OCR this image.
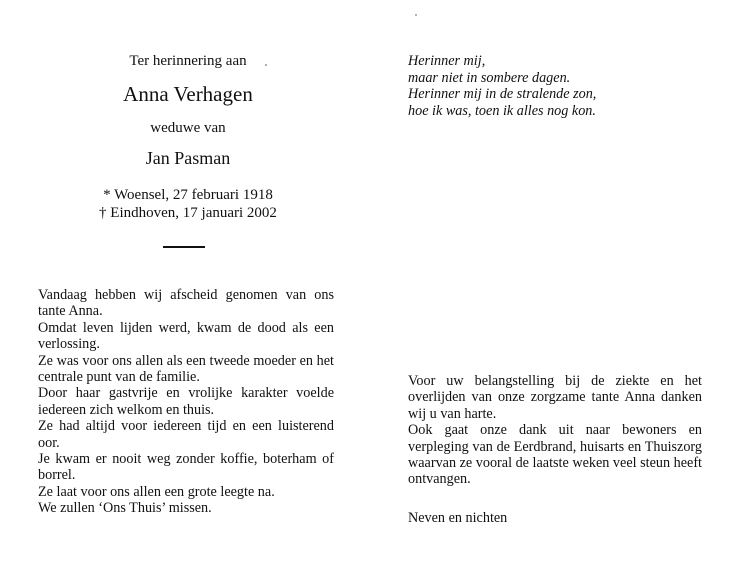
Ter herinnering aan
Anna Verhagen
weduwe van
Jan Pasman
* Woensel, 27 februari 1918
† Eindhoven, 17 januari 2002

Vandaag hebben wij afscheid genomen van ons tante Anna.

Omdat leven lijden werd, kwam de dood als een verlossing.

Ze was voor ons allen als een tweede moeder en het centrale punt van de familie.

Door haar gastvrije en vrolijke karakter voelde iedereen zich welkom en thuis.

Ze had altijd voor iedereen tijd en een luisterend oor.

Je kwam er nooit weg zonder koffie, boterham of borrel.

Ze laat voor ons allen een grote leegte na.

We zullen ‘Ons Thuis’ missen.

Herinner mij,
maar niet in sombere dagen.
Herinner mij in de stralende zon,
hoe ik was, toen ik alles nog kon.

Voor uw belangstelling bij de ziekte en het overlijden van onze zorgzame tante Anna danken wij u van harte.

Ook gaat onze dank uit naar bewoners en verpleging van de Eerdbrand, huisarts en Thuiszorg waarvan ze vooral de laatste weken veel steun heeft ontvangen.

Neven en nichten
